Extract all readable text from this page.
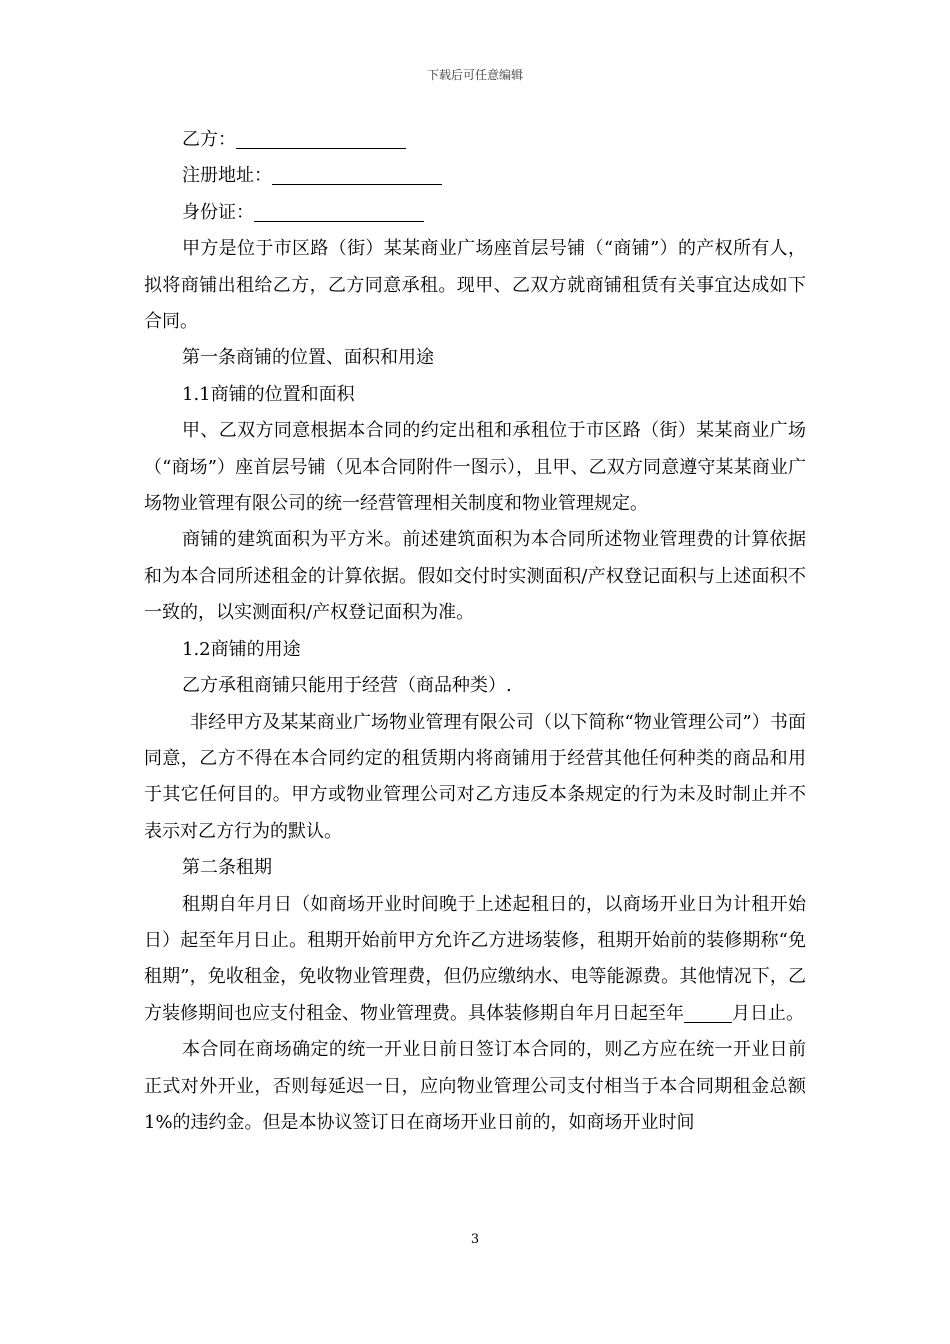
下载后可任意编辑

乙方：

注册地址：

身份证：

甲方是位于市区路（街）某某商业广场座首层号铺（“商铺”）的产权所有人，拟将商铺出租给乙方，乙方同意承租。现甲、乙双方就商铺租赁有关事宜达成如下合同。

第一条商铺的位置、面积和用途

1.1商铺的位置和面积

甲、乙双方同意根据本合同的约定出租和承租位于市区路（街）某某商业广场（“商场”）座首层号铺（见本合同附件一图示），且甲、乙双方同意遵守某某商业广场物业管理有限公司的统一经营管理相关制度和物业管理规定。

商铺的建筑面积为平方米。前述建筑面积为本合同所述物业管理费的计算依据和为本合同所述租金的计算依据。假如交付时实测面积/产权登记面积与上述面积不一致的，以实测面积/产权登记面积为准。

1.2商铺的用途

乙方承租商铺只能用于经营（商品种类）.

非经甲方及某某商业广场物业管理有限公司（以下简称“物业管理公司”）书面同意，乙方不得在本合同约定的租赁期内将商铺用于经营其他任何种类的商品和用于其它任何目的。甲方或物业管理公司对乙方违反本条规定的行为未及时制止并不表示对乙方行为的默认。

第二条租期

租期自年月日（如商场开业时间晚于上述起租日的，以商场开业日为计租开始日）起至年月日止。租期开始前甲方允许乙方进场装修，租期开始前的装修期称“免租期”，免收租金，免收物业管理费，但仍应缴纳水、电等能源费。其他情况下，乙方装修期间也应支付租金、物业管理费。具体装修期自年月日起至年	月日止。

本合同在商场确定的统一开业日前日签订本合同的，则乙方应在统一开业日前正式对外开业，否则每延迟一日，应向物业管理公司支付相当于本合同期租金总额1%的违约金。但是本协议签订日在商场开业日前的，如商场开业时间

3
